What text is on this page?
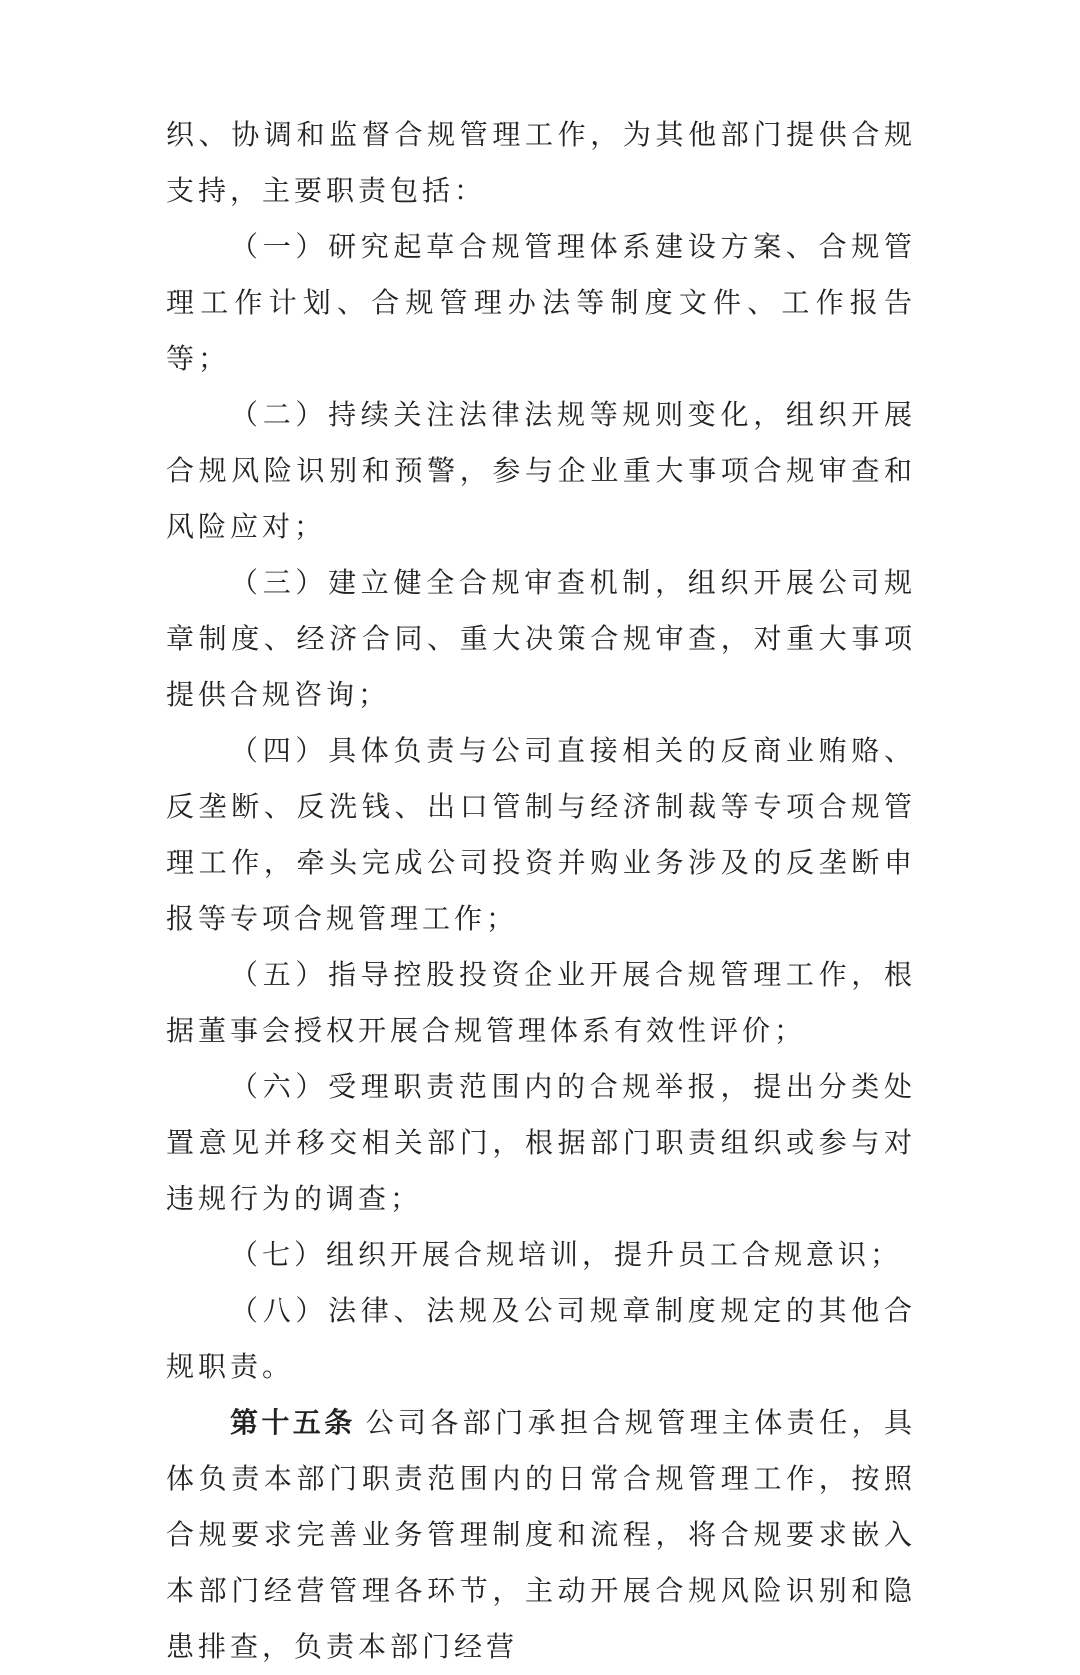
织、协调和监督合规管理工作，为其他部门提供合规支持，主要职责包括：

（一）研究起草合规管理体系建设方案、合规管理工作计划、合规管理办法等制度文件、工作报告等；

（二）持续关注法律法规等规则变化，组织开展合规风险识别和预警，参与企业重大事项合规审查和风险应对；

（三）建立健全合规审查机制，组织开展公司规章制度、经济合同、重大决策合规审查，对重大事项提供合规咨询；

（四）具体负责与公司直接相关的反商业贿赂、反垄断、反洗钱、出口管制与经济制裁等专项合规管理工作，牵头完成公司投资并购业务涉及的反垄断申报等专项合规管理工作；

（五）指导控股投资企业开展合规管理工作，根据董事会授权开展合规管理体系有效性评价；

（六）受理职责范围内的合规举报，提出分类处置意见并移交相关部门，根据部门职责组织或参与对违规行为的调查；

（七）组织开展合规培训，提升员工合规意识；

（八）法律、法规及公司规章制度规定的其他合规职责。

第十五条 公司各部门承担合规管理主体责任，具体负责本部门职责范围内的日常合规管理工作，按照合规要求完善业务管理制度和流程，将合规要求嵌入本部门经营管理各环节，主动开展合规风险识别和隐患排查，负责本部门经营
